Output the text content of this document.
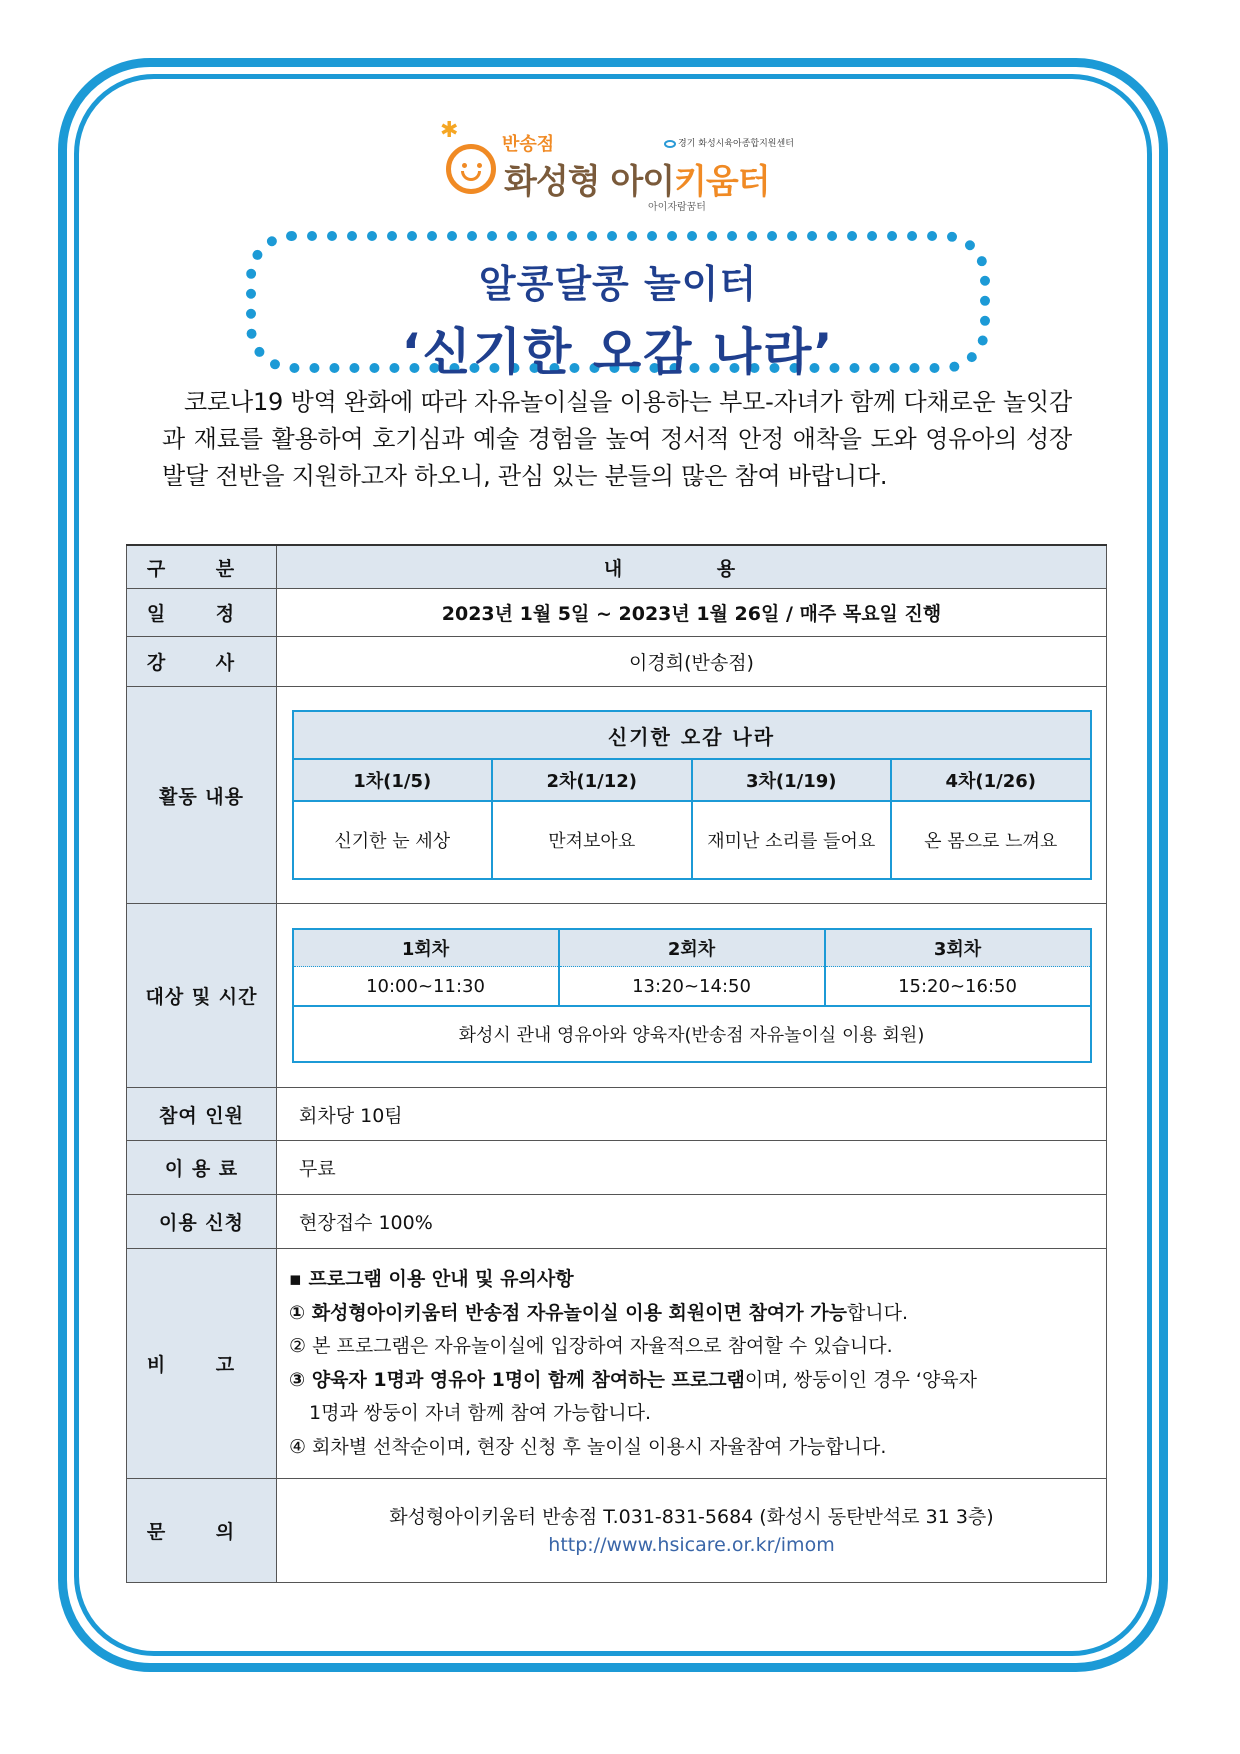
✱
반송점	경기 화성시육아종합지원센터
화성형 아이키움터
아이자람꿈터
알콩달콩 놀이터
‘신기한 오감 나라’

코로나19 방역 완화에 따라 자유놀이실을 이용하는 부모-자녀가 함께 다채로운 놀잇감과 재료를 활용하여 호기심과 예술 경험을 높여 정서적 안정 애착을 도와 영유아의 성장 발달 전반을 지원하고자 하오니, 관심 있는 분들의 많은 참여 바랍니다.

구 분	내 용
일 정	2023년 1월 5일 ~ 2023년 1월 26일 / 매주 목요일 진행
강 사	이경희(반송점)
활동 내용	
신기한 오감 나라
1차(1/5)	2차(1/12)	3차(1/19)	4차(1/26)
신기한 눈 세상	만져보아요	재미난 소리를 들어요	온 몸으로 느껴요

대상 및 시간	
1회차	2회차	3회차
10:00~11:30	13:20~14:50	15:20~16:50
화성시 관내 영유아와 양육자(반송점 자유놀이실 이용 회원)

참여 인원	회차당 10팀
이 용 료	무료
이용 신청	현장접수 100%
비 고	
▪ 프로그램 이용 안내 및 유의사항
① 화성형아이키움터 반송점 자유놀이실 이용 회원이면 참여가 가능합니다.
② 본 프로그램은 자유놀이실에 입장하여 자율적으로 참여할 수 있습니다.
③ 양육자 1명과 영유아 1명이 함께 참여하는 프로그램이며, 쌍둥이인 경우 ‘양육자
1명과 쌍둥이 자녀 함께 참여 가능합니다.
④ 회차별 선착순이며, 현장 신청 후 놀이실 이용시 자율참여 가능합니다.

문 의	
화성형아이키움터 반송점 T.031-831-5684 (화성시 동탄반석로 31 3층)
http://www.hsicare.or.kr/imom
